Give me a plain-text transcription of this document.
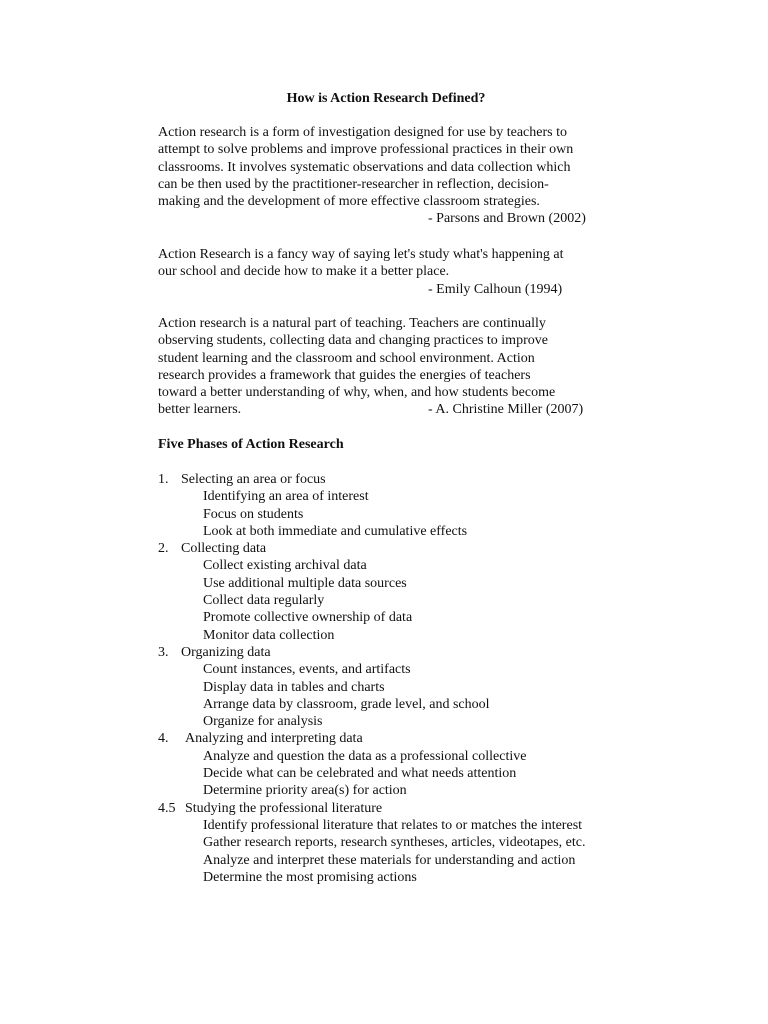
How is Action Research Defined?
Action research is a form of investigation designed for use by teachers to
attempt to solve problems and improve professional practices in their own
classrooms. It involves systematic observations and data collection which
can be then used by the practitioner-researcher in reflection, decision-
making and the development of more effective classroom strategies.
- Parsons and Brown (2002)
Action Research is a fancy way of saying let's study what's happening at
our school and decide how to make it a better place.
- Emily Calhoun (1994)
Action research is a natural part of teaching. Teachers are continually
observing students, collecting data and changing practices to improve
student learning and the classroom and school environment. Action
research provides a framework that guides the energies of teachers
toward a better understanding of why, when, and how students become
better learners.	- A. Christine Miller (2007)
Five Phases of Action Research
1. Selecting an area or focus
Identifying an area of interest
Focus on students
Look at both immediate and cumulative effects
2. Collecting data
Collect existing archival data
Use additional multiple data sources
Collect data regularly
Promote collective ownership of data
Monitor data collection
3. Organizing data
Count instances, events, and artifacts
Display data in tables and charts
Arrange data by classroom, grade level, and school
Organize for analysis
4. Analyzing and interpreting data
Analyze and question the data as a professional collective
Decide what can be celebrated and what needs attention
Determine priority area(s) for action
4.5 Studying the professional literature
Identify professional literature that relates to or matches the interest
Gather research reports, research syntheses, articles, videotapes, etc.
Analyze and interpret these materials for understanding and action
Determine the most promising actions
